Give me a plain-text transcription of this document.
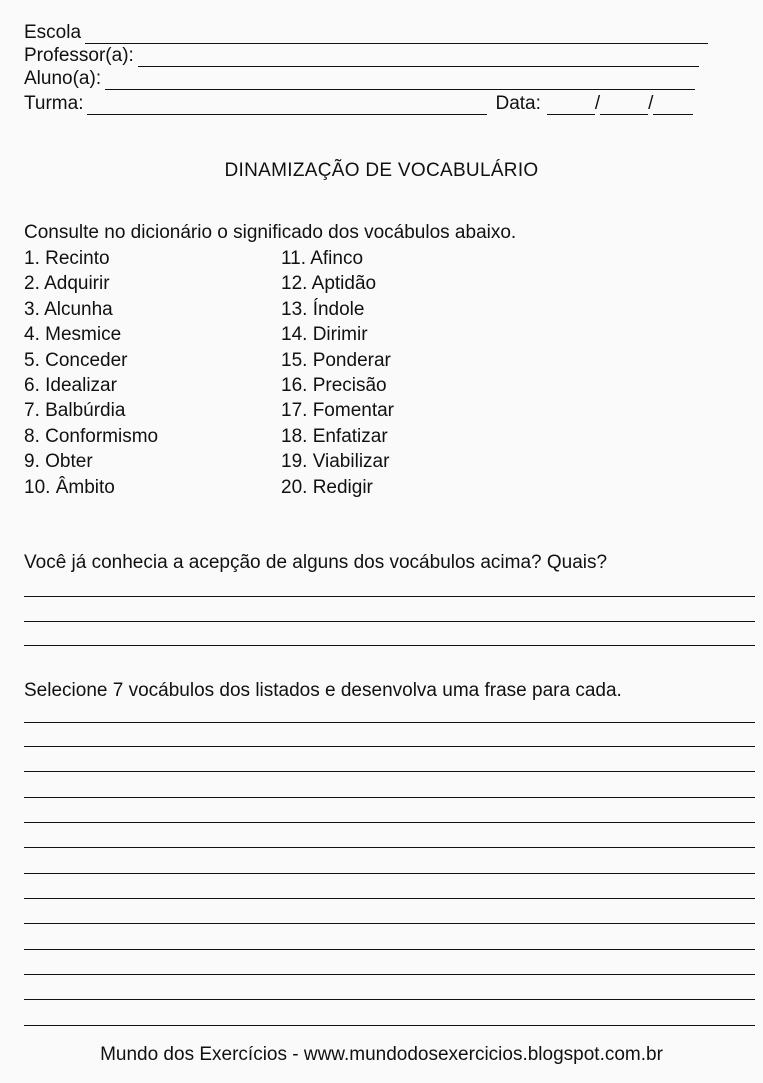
Escola
Professor(a):
Aluno(a):
Turma:	Data:	/	/
DINAMIZAÇÃO DE VOCABULÁRIO
Consulte no dicionário o significado dos vocábulos abaixo.
1. Recinto
2. Adquirir
3. Alcunha
4. Mesmice
5. Conceder
6. Idealizar
7. Balbúrdia
8. Conformismo
9. Obter
10. Âmbito
11. Afinco
12. Aptidão
13. Índole
14. Dirimir
15. Ponderar
16. Precisão
17. Fomentar
18. Enfatizar
19. Viabilizar
20. Redigir
Você já conhecia a acepção de alguns dos vocábulos acima? Quais?
Selecione 7 vocábulos dos listados e desenvolva uma frase para cada.
Mundo dos Exercícios - www.mundodosexercicios.blogspot.com.br
